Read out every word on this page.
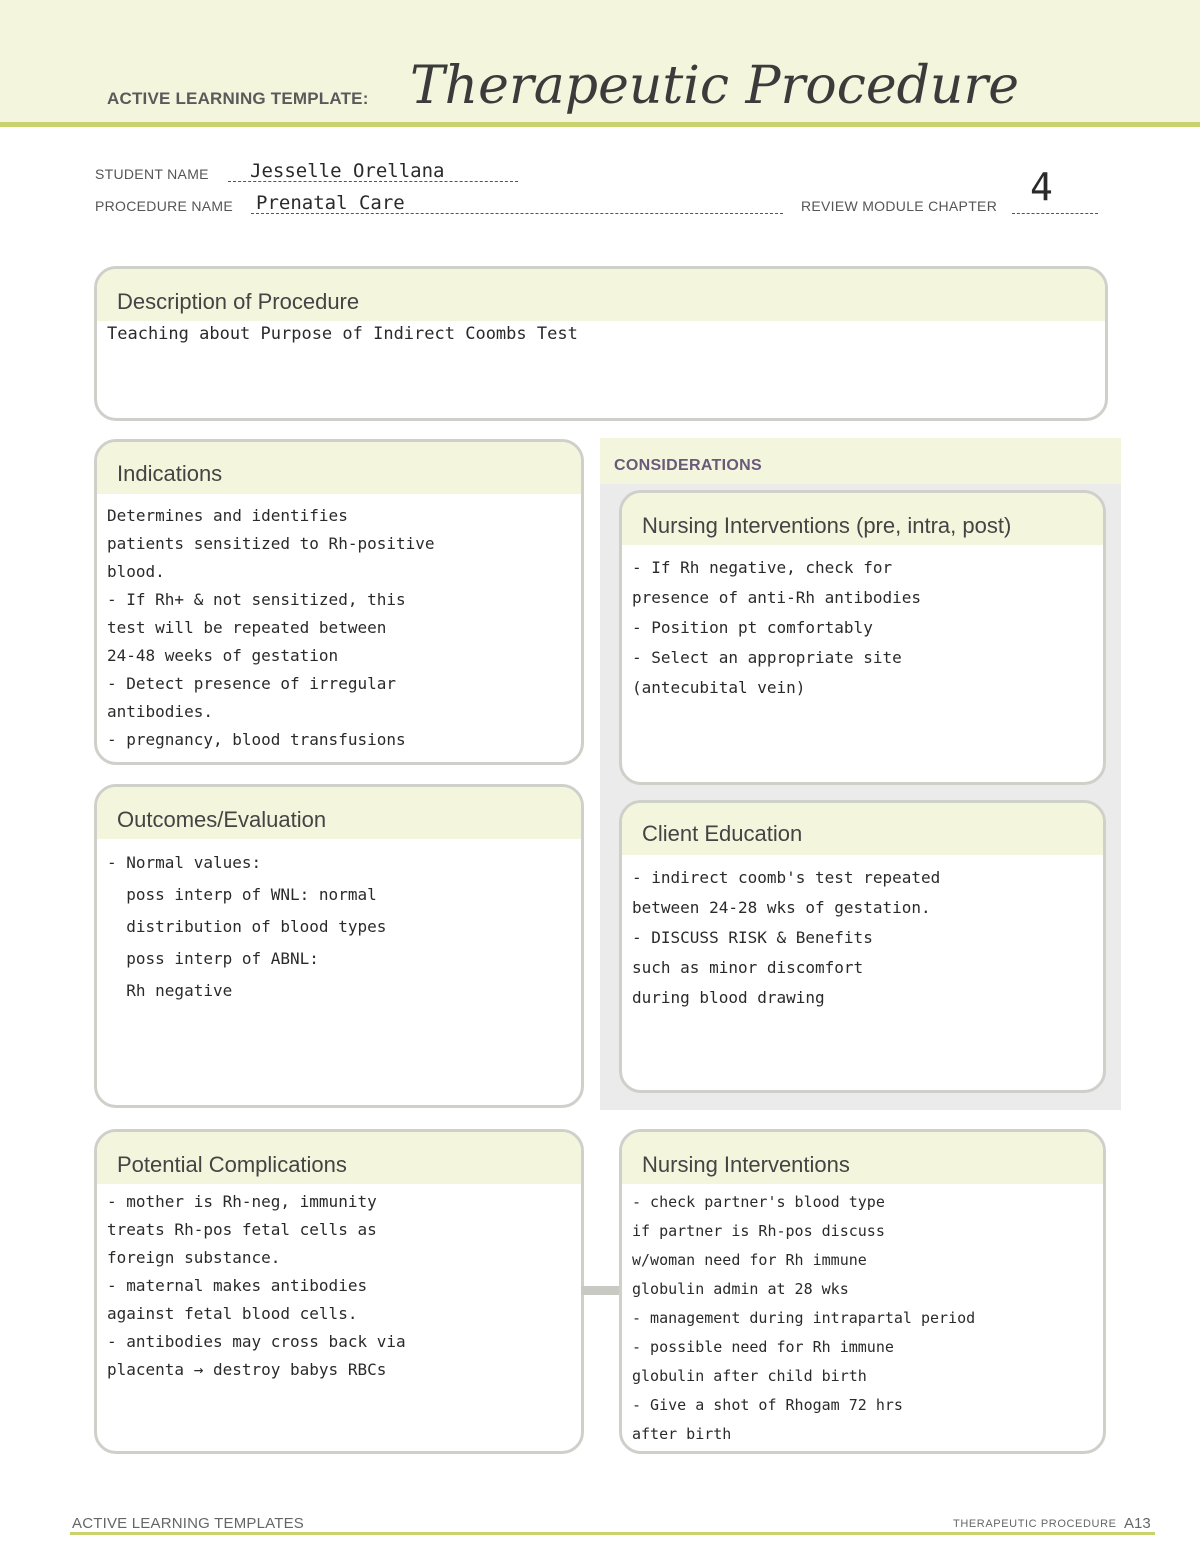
ACTIVE LEARNING TEMPLATE: Therapeutic Procedure
STUDENT NAME Jesselle Orellana
PROCEDURE NAME Prenatal Care	REVIEW MODULE CHAPTER 4
Description of Procedure
Teaching about Purpose of Indirect Coombs Test
Indications
Determines and identifies
patients sensitized to Rh-positive
blood.
- If Rh+ & not sensitized, this
test will be repeated between
24-48 weeks of gestation
- Detect presence of irregular
antibodies.
- pregnancy, blood transfusions
CONSIDERATIONS
Nursing Interventions (pre, intra, post)
- If Rh negative, check for
presence of anti-Rh antibodies
- Position pt comfortably
- Select an appropriate site
(antecubital vein)
Client Education
- indirect coomb's test repeated
between 24-28 wks of gestation.
- DISCUSS RISK & Benefits
such as minor discomfort
during blood drawing
Outcomes/Evaluation
- Normal values:
poss interp of WNL: normal
distribution of blood types
poss interp of ABNL:
Rh negative
Potential Complications
- mother is Rh-neg, immunity
treats Rh-pos fetal cells as
foreign substance.
- maternal makes antibodies
against fetal blood cells.
- antibodies may cross back via
placenta → destroy babys RBCs
Nursing Interventions
- check partner's blood type
if partner is Rh-pos discuss
w/woman need for Rh immune
globulin admin at 28 wks
- management during intrapartal period
- possible need for Rh immune
globulin after child birth
- Give a shot of Rhogam 72 hrs
after birth
ACTIVE LEARNING TEMPLATES	THERAPEUTIC PROCEDURE A13
